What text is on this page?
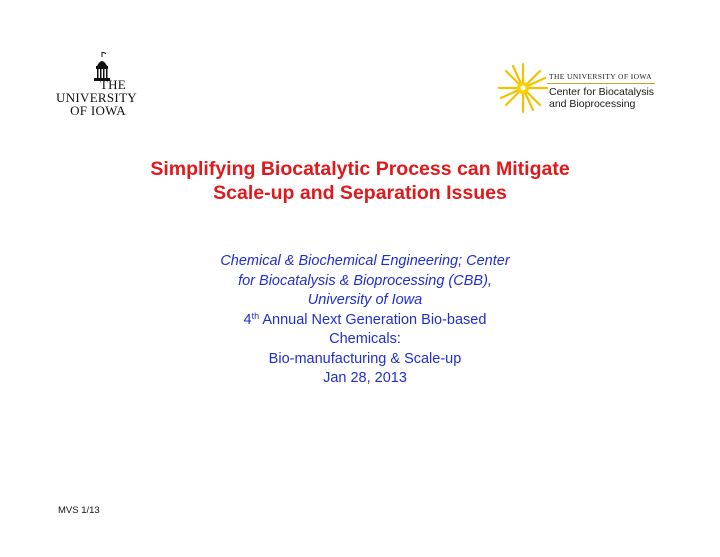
THE
UNIVERSITY
OF IOWA
THE UNIVERSITY OF IOWA
Center for Biocatalysis
and Bioprocessing
Simplifying Biocatalytic Process can Mitigate
Scale-up and Separation Issues
Chemical & Biochemical Engineering; Center
for Biocatalysis & Bioprocessing (CBB),
University of Iowa
4th Annual Next Generation Bio-based
Chemicals:
Bio-manufacturing & Scale-up
Jan 28, 2013
MVS 1/13
